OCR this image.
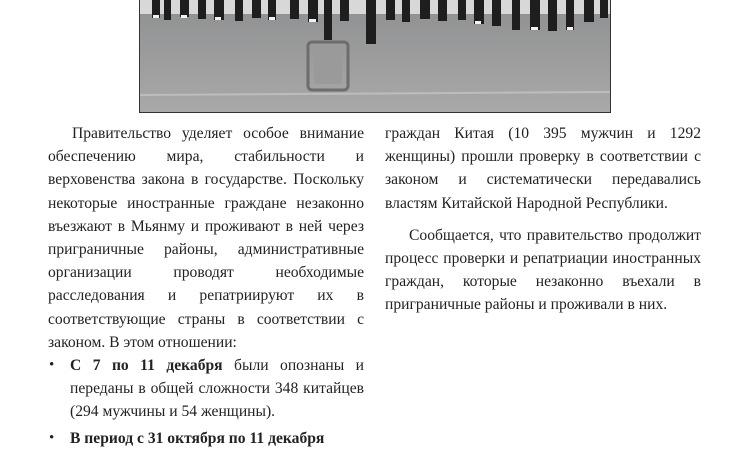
Правительство уделяет особое внимание обеспечению мира, стабильности и верховенства закона в государстве. Поскольку некоторые иностранные граждане незаконно въезжают в Мьянму и проживают в ней через приграничные районы, административные организации проводят необходимые расследования и репатриируют их в соответствующие страны в соответствии с законом. В этом отношении:

• С 7 по 11 декабря были опознаны и переданы в общей сложности 348 китайцев (294 мужчины и 54 женщины).
• В период с 31 октября по 11 декабря

граждан Китая (10 395 мужчин и 1292 женщины) прошли проверку в соответствии с законом и систематически передавались властям Китайской Народной Республики.

Сообщается, что правительство продолжит процесс проверки и репатриации иностранных граждан, которые незаконно въехали в приграничные районы и проживали в них.
